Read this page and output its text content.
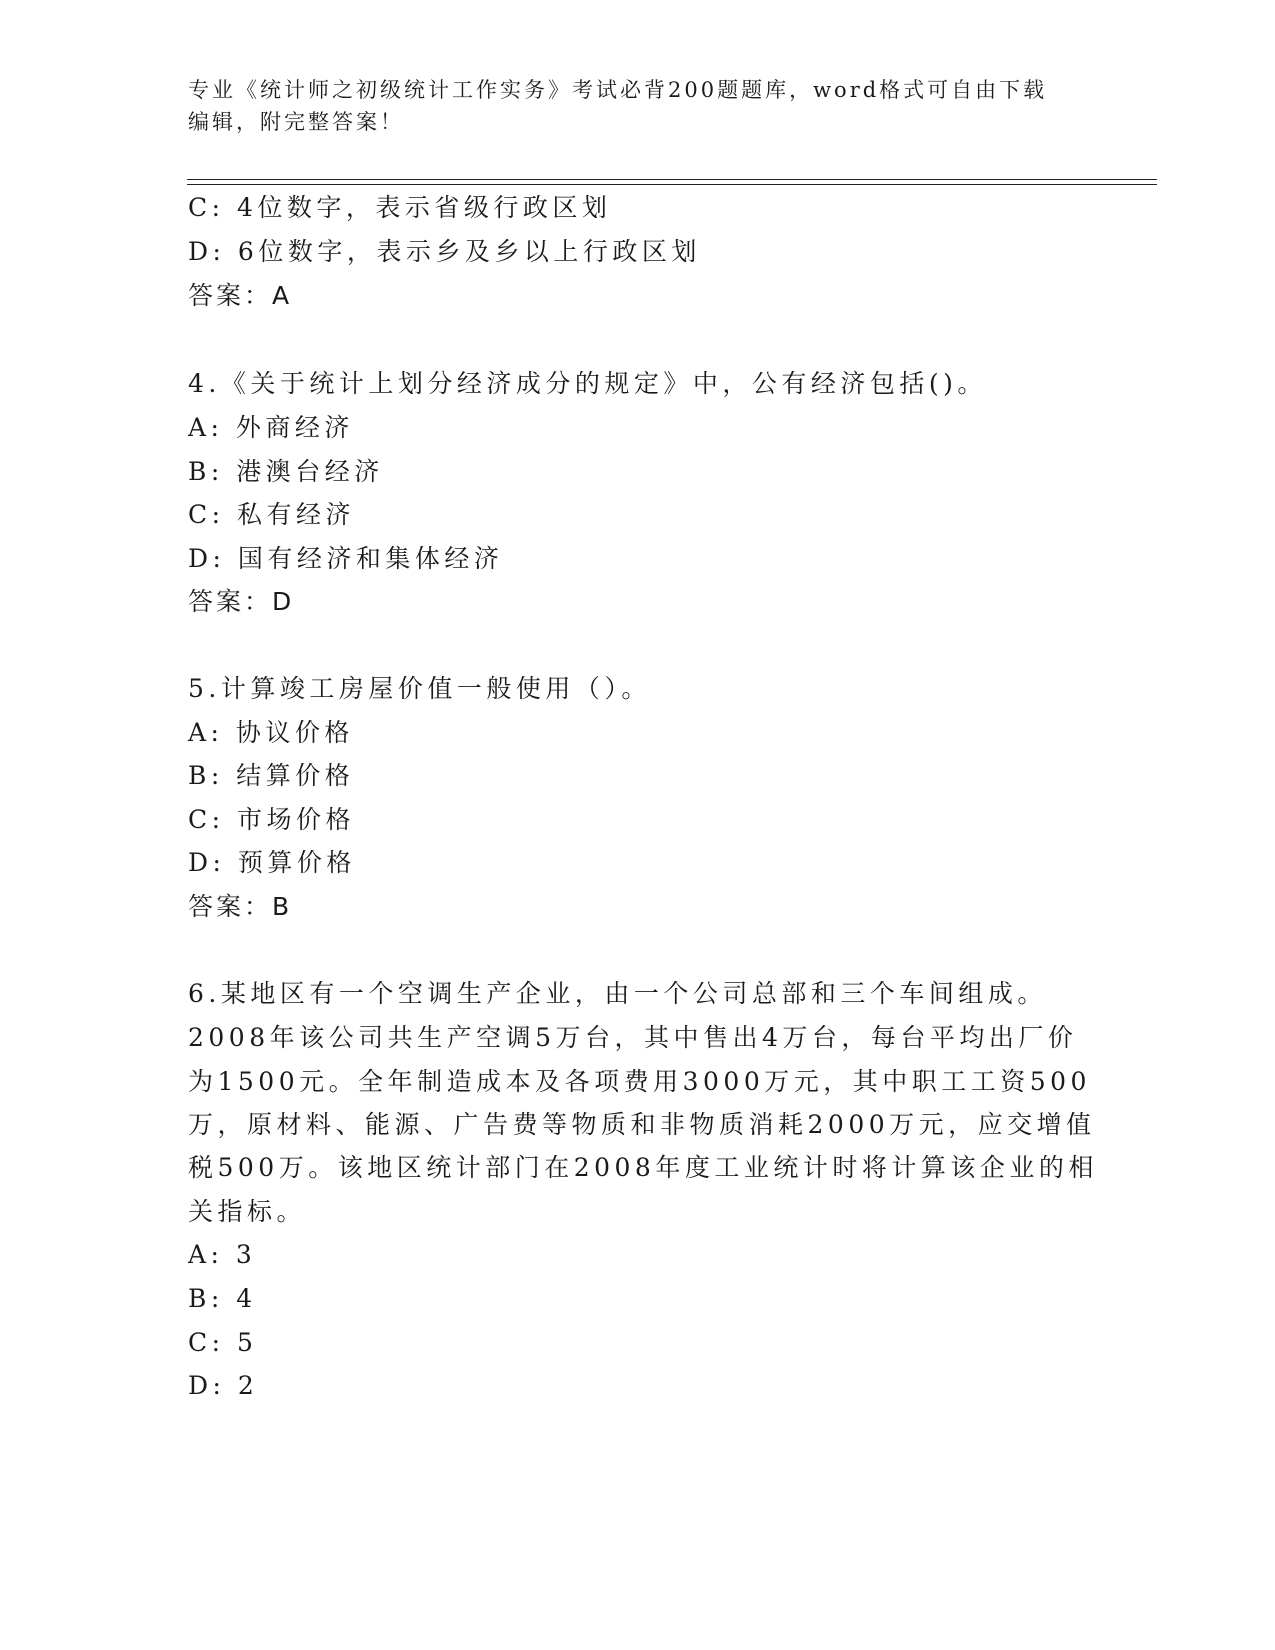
专业《统计师之初级统计工作实务》考试必背200题题库，word格式可自由下载
编辑，附完整答案！
C: 4位数字，表示省级行政区划
D: 6位数字，表示乡及乡以上行政区划
答案：A
4.《关于统计上划分经济成分的规定》中，公有经济包括()。
A: 外商经济
B: 港澳台经济
C: 私有经济
D: 国有经济和集体经济
答案：D
5.计算竣工房屋价值一般使用（）。
A: 协议价格
B: 结算价格
C: 市场价格
D: 预算价格
答案：B
6.某地区有一个空调生产企业，由一个公司总部和三个车间组成。
2008年该公司共生产空调5万台，其中售出4万台，每台平均出厂价
为1500元。全年制造成本及各项费用3000万元，其中职工工资500
万，原材料、能源、广告费等物质和非物质消耗2000万元，应交增值
税500万。该地区统计部门在2008年度工业统计时将计算该企业的相
关指标。
A: 3
B: 4
C: 5
D: 2
